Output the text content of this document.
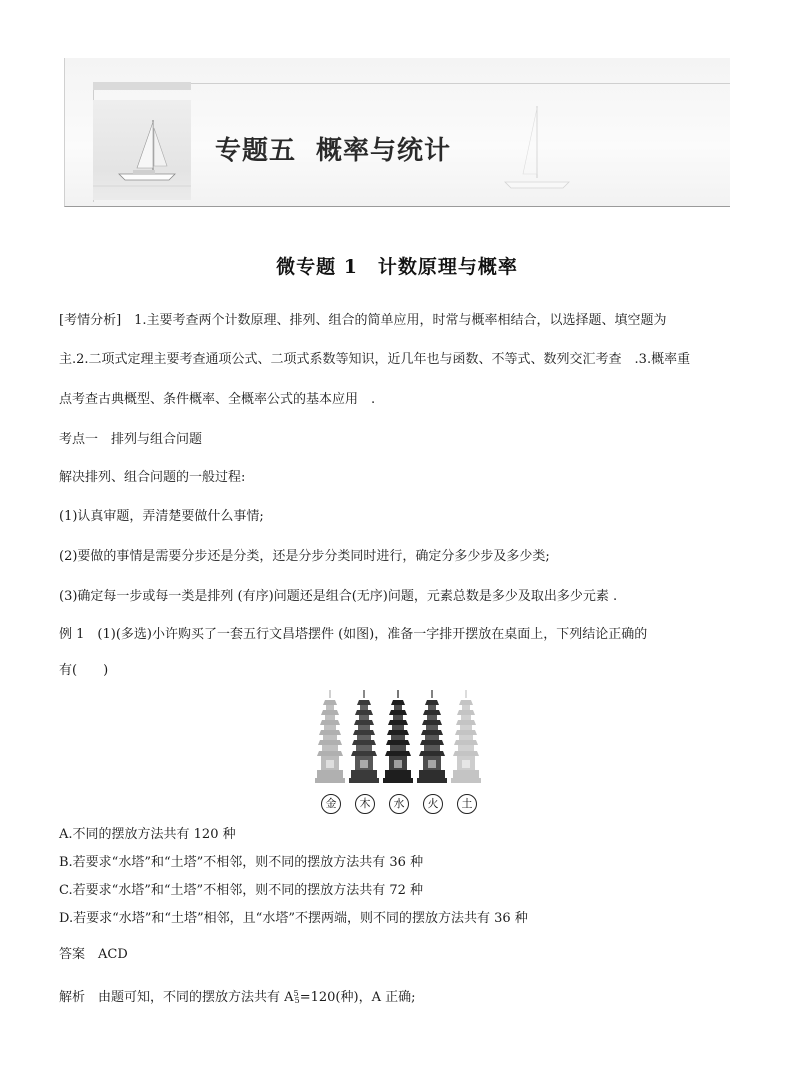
专题五 概率与统计
微专题 1　计数原理与概率
[考情分析]　1.主要考查两个计数原理、排列、组合的简单应用，时常与概率相结合，以选择题、填空题为
主.2.二项式定理主要考查通项公式、二项式系数等知识，近几年也与函数、不等式、数列交汇考查　.3.概率重
点考查古典概型、条件概率、全概率公式的基本应用　.
考点一　排列与组合问题
解决排列、组合问题的一般过程:
(1)认真审题，弄清楚要做什么事情;
(2)要做的事情是需要分步还是分类，还是分步分类同时进行，确定分多少步及多少类;
(3)确定每一步或每一类是排列 (有序)问题还是组合(无序)问题，元素总数是多少及取出多少元素 .
例 1　(1)(多选)小许购买了一套五行文昌塔摆件 (如图)，准备一字排开摆放在桌面上，下列结论正确的
有(　　)
金	木	水	火	土
A.不同的摆放方法共有 120 种
B.若要求“水塔”和“土塔”不相邻，则不同的摆放方法共有 36 种
C.若要求“水塔”和“土塔”不相邻，则不同的摆放方法共有 72 种
D.若要求“水塔”和“土塔”相邻，且“水塔”不摆两端，则不同的摆放方法共有 36 种
答案　ACD
解析　由题可知，不同的摆放方法共有 $A^5_5=120$(种)，A 正确;
